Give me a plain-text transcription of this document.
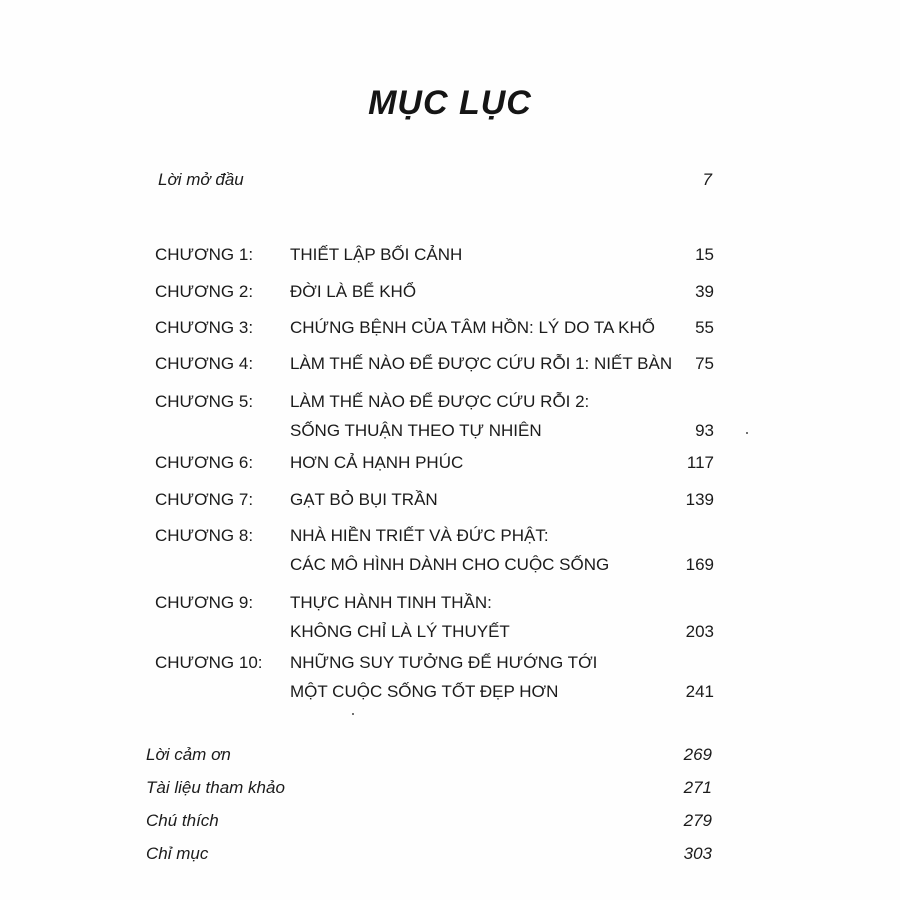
MỤC LỤC
Lời mở đầu	7
CHƯƠNG 1: THIẾT LẬP BỐI CẢNH	15
CHƯƠNG 2: ĐỜI LÀ BỂ KHỔ	39
CHƯƠNG 3: CHỨNG BỆNH CỦA TÂM HỒN: LÝ DO TA KHỔ 55
CHƯƠNG 4: LÀM THẾ NÀO ĐỂ ĐƯỢC CỨU RỖI 1: NIẾT BÀN 75
CHƯƠNG 5: LÀM THẾ NÀO ĐỂ ĐƯỢC CỨU RỖI 2:
SỐNG THUẬN THEO TỰ NHIÊN	93
CHƯƠNG 6: HƠN CẢ HẠNH PHÚC	117
CHƯƠNG 7: GẠT BỎ BỤI TRẦN	139
CHƯƠNG 8: NHÀ HIỀN TRIẾT VÀ ĐỨC PHẬT:
CÁC MÔ HÌNH DÀNH CHO CUỘC SỐNG	169
CHƯƠNG 9: THỰC HÀNH TINH THẦN:
KHÔNG CHỈ LÀ LÝ THUYẾT	203
CHƯƠNG 10: NHỮNG SUY TƯỞNG ĐỂ HƯỚNG TỚI
MỘT CUỘC SỐNG TỐT ĐẸP HƠN	241
Lời cảm ơn	269
Tài liệu tham khảo	271
Chú thích	279
Chỉ mục	303
